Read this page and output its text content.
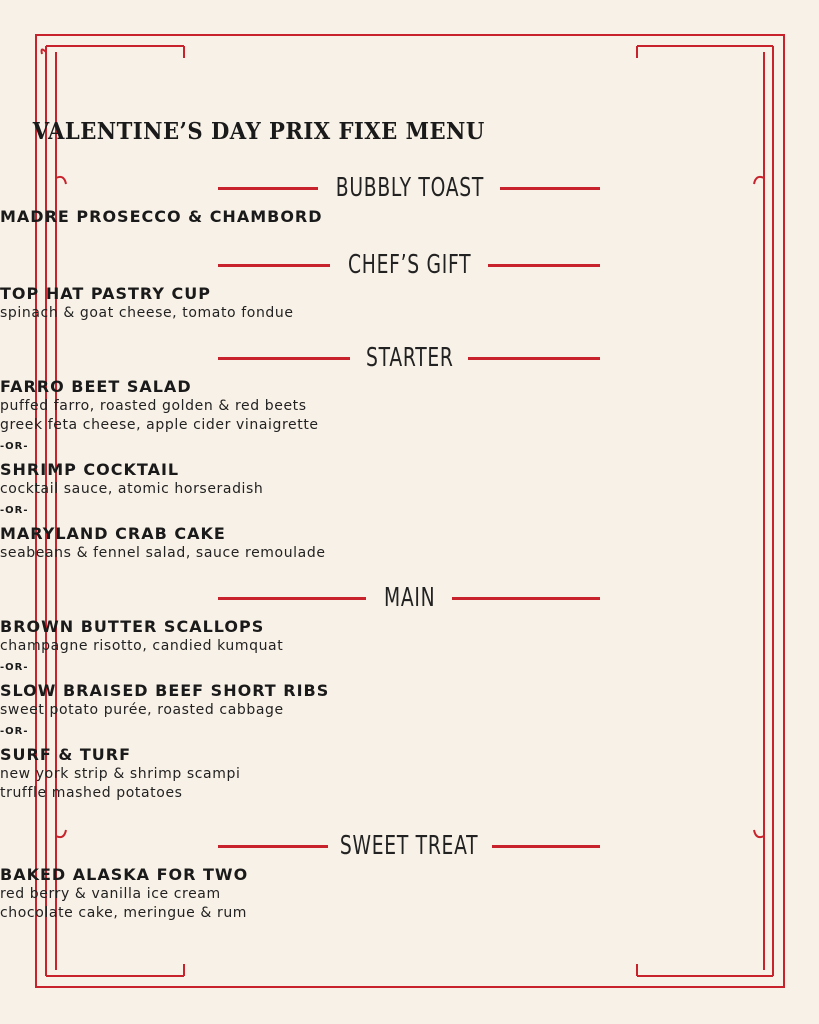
VALENTINE’S DAY PRIX FIXE MENU
BUBBLY TOAST
MADRE PROSECCO & CHAMBORD
CHEF’S GIFT
TOP HAT PASTRY CUP
spinach & goat cheese, tomato fondue
STARTER
FARRO BEET SALAD
puffed farro, roasted golden & red beets
greek feta cheese, apple cider vinaigrette
-OR-
SHRIMP COCKTAIL
cocktail sauce, atomic horseradish
-OR-
MARYLAND CRAB CAKE
seabeans & fennel salad, sauce remoulade
MAIN
BROWN BUTTER SCALLOPS
champagne risotto, candied kumquat
-OR-
SLOW BRAISED BEEF SHORT RIBS
sweet potato purée, roasted cabbage
-OR-
SURF & TURF
new york strip & shrimp scampi
truffle mashed potatoes
SWEET TREAT
BAKED ALASKA FOR TWO
red berry & vanilla ice cream
chocolate cake, meringue & rum
